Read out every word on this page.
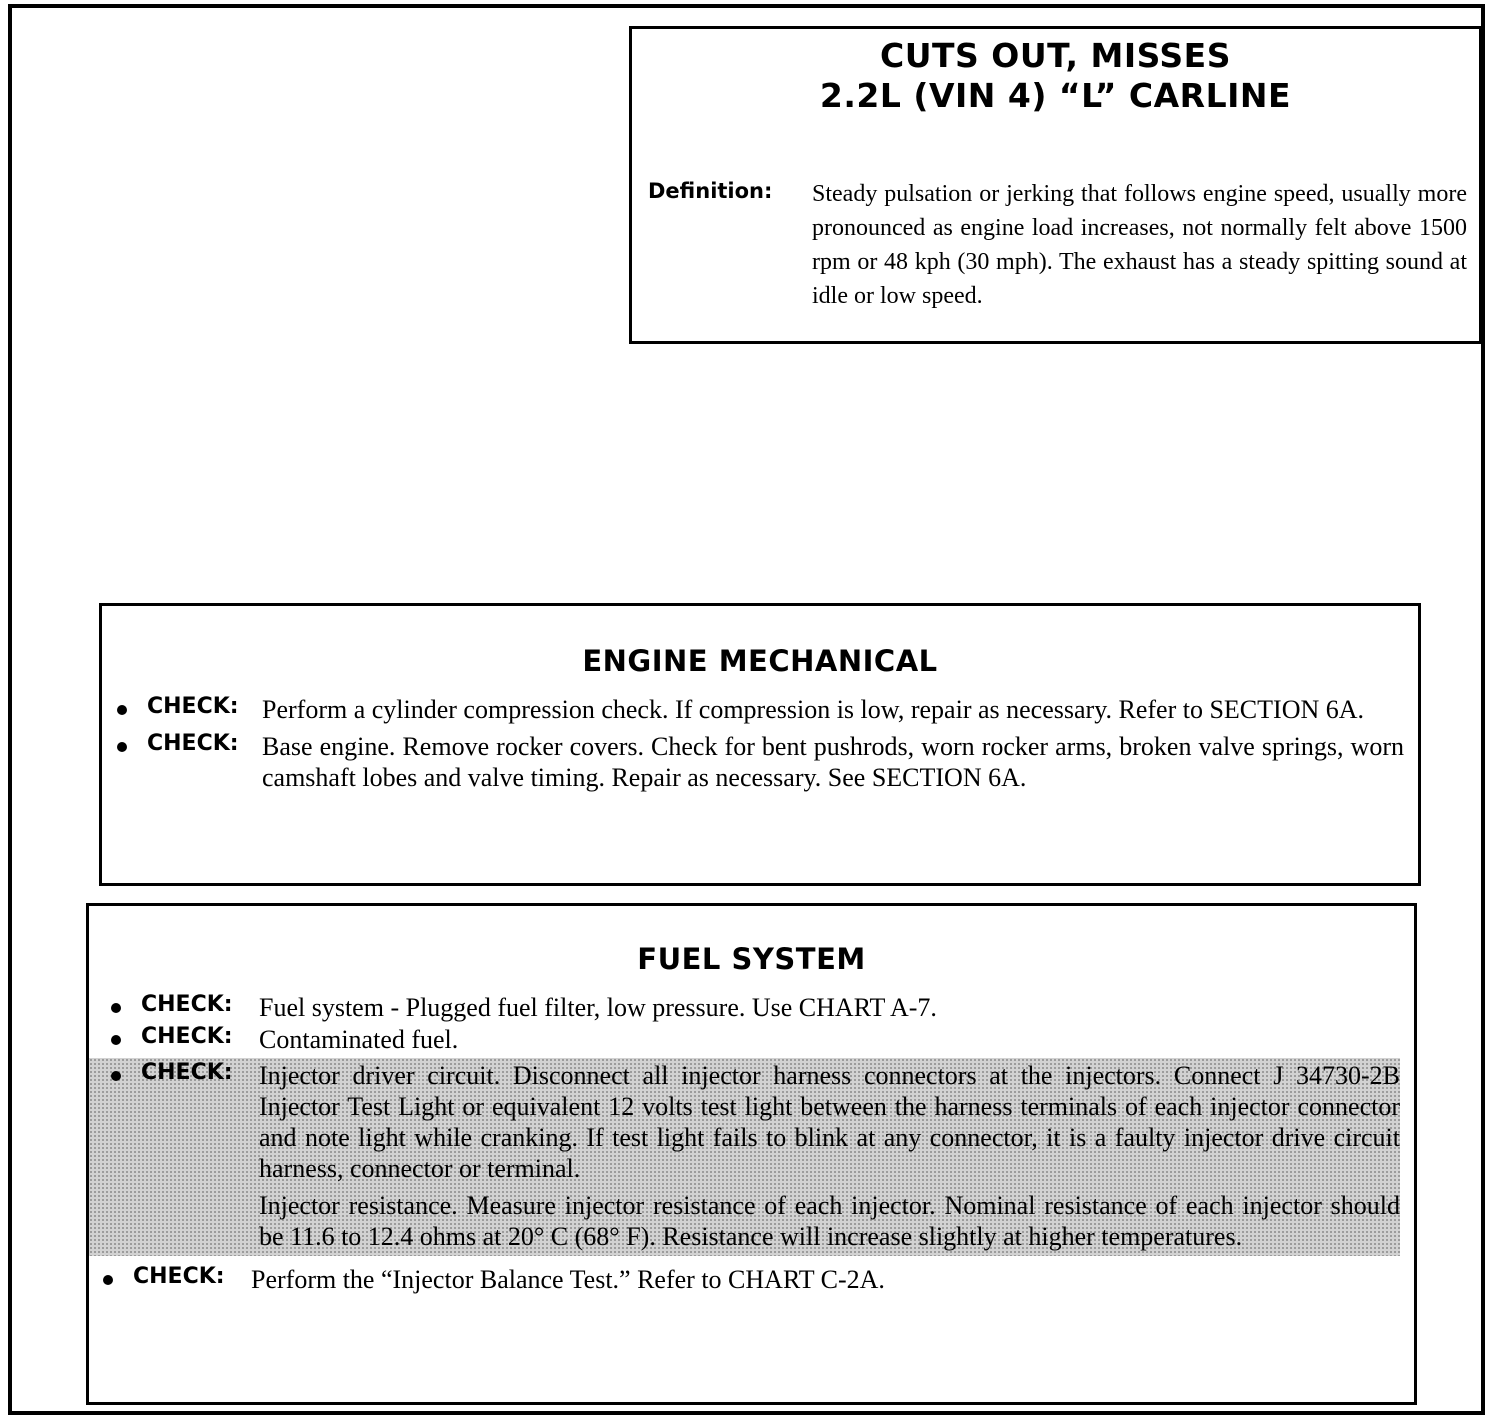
CUTS OUT, MISSES
2.2L (VIN 4) “L” CARLINE
Definition: Steady pulsation or jerking that follows engine speed, usually more pronounced as engine load increases, not normally felt above 1500 rpm or 48 kph (30 mph). The exhaust has a steady spitting sound at idle or low speed.
ENGINE MECHANICAL
CHECK: Perform a cylinder compression check. If compression is low, repair as necessary. Refer to SECTION 6A.
CHECK: Base engine. Remove rocker covers. Check for bent pushrods, worn rocker arms, broken valve springs, worn camshaft lobes and valve timing. Repair as necessary. See SECTION 6A.
FUEL SYSTEM
CHECK: Fuel system - Plugged fuel filter, low pressure. Use CHART A-7.
CHECK: Contaminated fuel.
CHECK: Injector driver circuit. Disconnect all injector harness connectors at the injectors. Connect J 34730-2B Injector Test Light or equivalent 12 volts test light between the harness terminals of each injector connector and note light while cranking. If test light fails to blink at any connector, it is a faulty injector drive circuit harness, connector or terminal.

Injector resistance. Measure injector resistance of each injector. Nominal resistance of each injector should be 11.6 to 12.4 ohms at 20° C (68° F). Resistance will increase slightly at higher temperatures.

CHECK: Perform the “Injector Balance Test.” Refer to CHART C-2A.
